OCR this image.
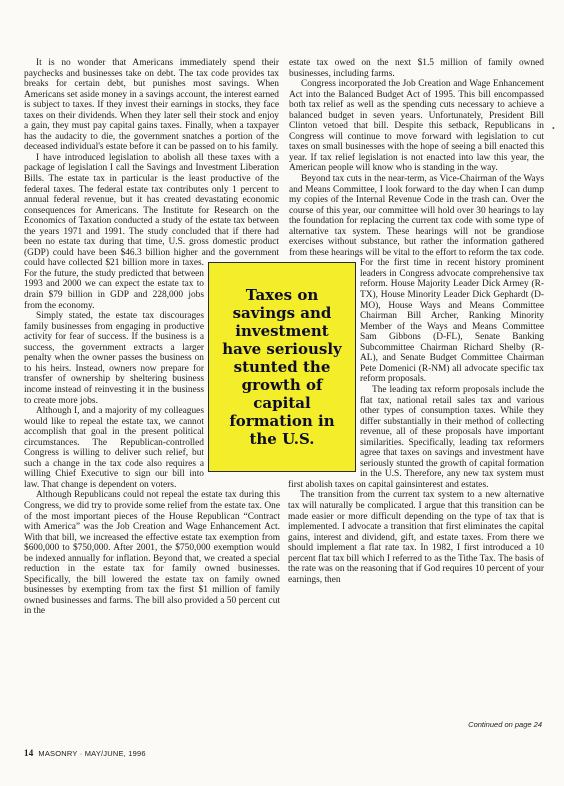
It is no wonder that Americans immediately spend their paychecks and businesses take on debt. The tax code provides tax breaks for certain debt, but punishes most savings. When Americans set aside money in a savings account, the interest earned is subject to taxes. If they invest their earnings in stocks, they face taxes on their dividends. When they later sell their stock and enjoy a gain, they must pay capital gains taxes. Finally, when a taxpayer has the audacity to die, the government snatches a portion of the deceased individual's estate before it can be passed on to his family.

I have introduced legislation to abolish all these taxes with a package of legislation I call the Savings and Investment Liberation Bills. The estate tax in particular is the least productive of the federal taxes. The federal estate tax contributes only 1 percent to annual federal revenue, but it has created devastating economic consequences for Americans. The Institute for Research on the Economics of Taxation conducted a study of the estate tax between the years 1971 and 1991. The study concluded that if there had been no estate tax during that time, U.S. gross domestic product (GDP) could have been $46.3 billion higher and the government could have collected $21 billion more in taxes. For the future, the study predicted that between 1993 and 2000 we can expect the estate tax to drain $79 billion in GDP and 228,000 jobs from the economy.

Simply stated, the estate tax discourages family businesses from engaging in productive activity for fear of success. If the business is a success, the government extracts a larger penalty when the owner passes the business on to his heirs. Instead, owners now prepare for transfer of ownership by sheltering business income instead of reinvesting it in the business to create more jobs.

Although I, and a majority of my colleagues would like to repeal the estate tax, we cannot accomplish that goal in the present political circumstances. The Republican-controlled Congress is willing to deliver such relief, but such a change in the tax code also requires a willing Chief Executive to sign our bill into law. That change is dependent on voters.

Although Republicans could not repeal the estate tax during this Congress, we did try to provide some relief from the estate tax. One of the most important pieces of the House Republican “Contract with America” was the Job Creation and Wage Enhancement Act. With that bill, we increased the effective estate tax exemption from $600,000 to $750,000. After 2001, the $750,000 exemption would be indexed annually for inflation. Beyond that, we created a special reduction in the estate tax for family owned businesses. Specifically, the bill lowered the estate tax on family owned businesses by exempting from tax the first $1 million of family owned businesses and farms. The bill also provided a 50 percent cut in the

estate tax owed on the next $1.5 million of family owned businesses, including farms.

Congress incorporated the Job Creation and Wage Enhancement Act into the Balanced Budget Act of 1995. This bill encompassed both tax relief as well as the spending cuts necessary to achieve a balanced budget in seven years. Unfortunately, President Bill Clinton vetoed that bill. Despite this setback, Republicans in Congress will continue to move forward with legislation to cut taxes on small businesses with the hope of seeing a bill enacted this year. If tax relief legislation is not enacted into law this year, the American people will know who is standing in the way.

Beyond tax cuts in the near-term, as Vice-Chairman of the Ways and Means Committee, I look forward to the day when I can dump my copies of the Internal Revenue Code in the trash can. Over the course of this year, our committee will hold over 30 hearings to lay the foundation for replacing the current tax code with some type of alternative tax system. These hearings will not be grandiose exercises without substance, but rather the information gathered from these hearings will be vital to the effort to reform the tax code. For the first time in recent history prominent leaders in Congress advocate comprehensive tax reform. House Majority Leader Dick Armey (R-TX), House Minority Leader Dick Gephardt (D-MO), House Ways and Means Committee Chairman Bill Archer, Ranking Minority Member of the Ways and Means Committee Sam Gibbons (D-FL), Senate Banking Subcommittee Chairman Richard Shelby (R-AL), and Senate Budget Committee Chairman Pete Domenici (R-NM) all advocate specific tax reform proposals.

The leading tax reform proposals include the flat tax, national retail sales tax and various other types of consumption taxes. While they differ substantially in their method of collecting revenue, all of these proposals have important similarities. Specifically, leading tax reformers agree that taxes on savings and investment have seriously stunted the growth of capital formation in the U.S. Therefore, any new tax system must first abolish taxes on capital gainsinterest and estates.

The transition from the current tax system to a new alternative tax will naturally be complicated. I argue that this transition can be made easier or more difficult depending on the type of tax that is implemented. I advocate a transition that first eliminates the capital gains, interest and dividend, gift, and estate taxes. From there we should implement a flat rate tax. In 1982, I first introduced a 10 percent flat tax bill which I referred to as the Tithe Tax. The basis of the rate was on the reasoning that if God requires 10 percent of your earnings, then

Taxes on savings and investment have seriously stunted the growth of capital formation in the U.S.
•
Continued on page 24
14 MASONRY · MAY/JUNE, 1996
